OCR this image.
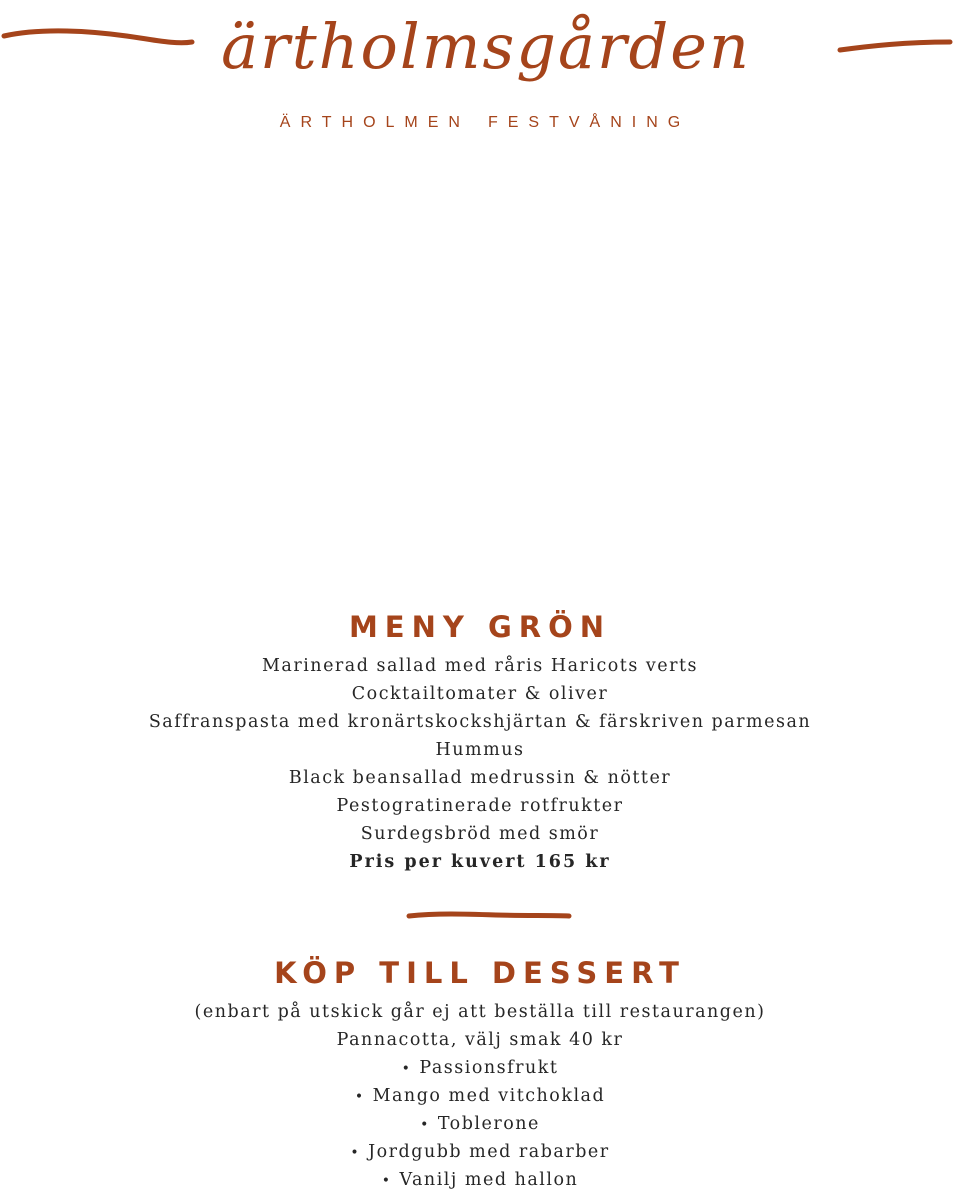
ärtholmsgården
ÄRTHOLMEN FESTVÅNING
MENY GRÖN
Marinerad sallad med råris Haricots verts
Cocktailtomater & oliver
Saffranspasta med kronärtskockshjärtan & färskriven parmesan
Hummus
Black beansallad medrussin & nötter
Pestogratinerade rotfrukter
Surdegsbröd med smör
Pris per kuvert 165 kr
KÖP TILL DESSERT
(enbart på utskick går ej att beställa till restaurangen)
Pannacotta, välj smak 40 kr
• Passionsfrukt
• Mango med vitchoklad
• Toblerone
• Jordgubb med rabarber
• Vanilj med hallon
